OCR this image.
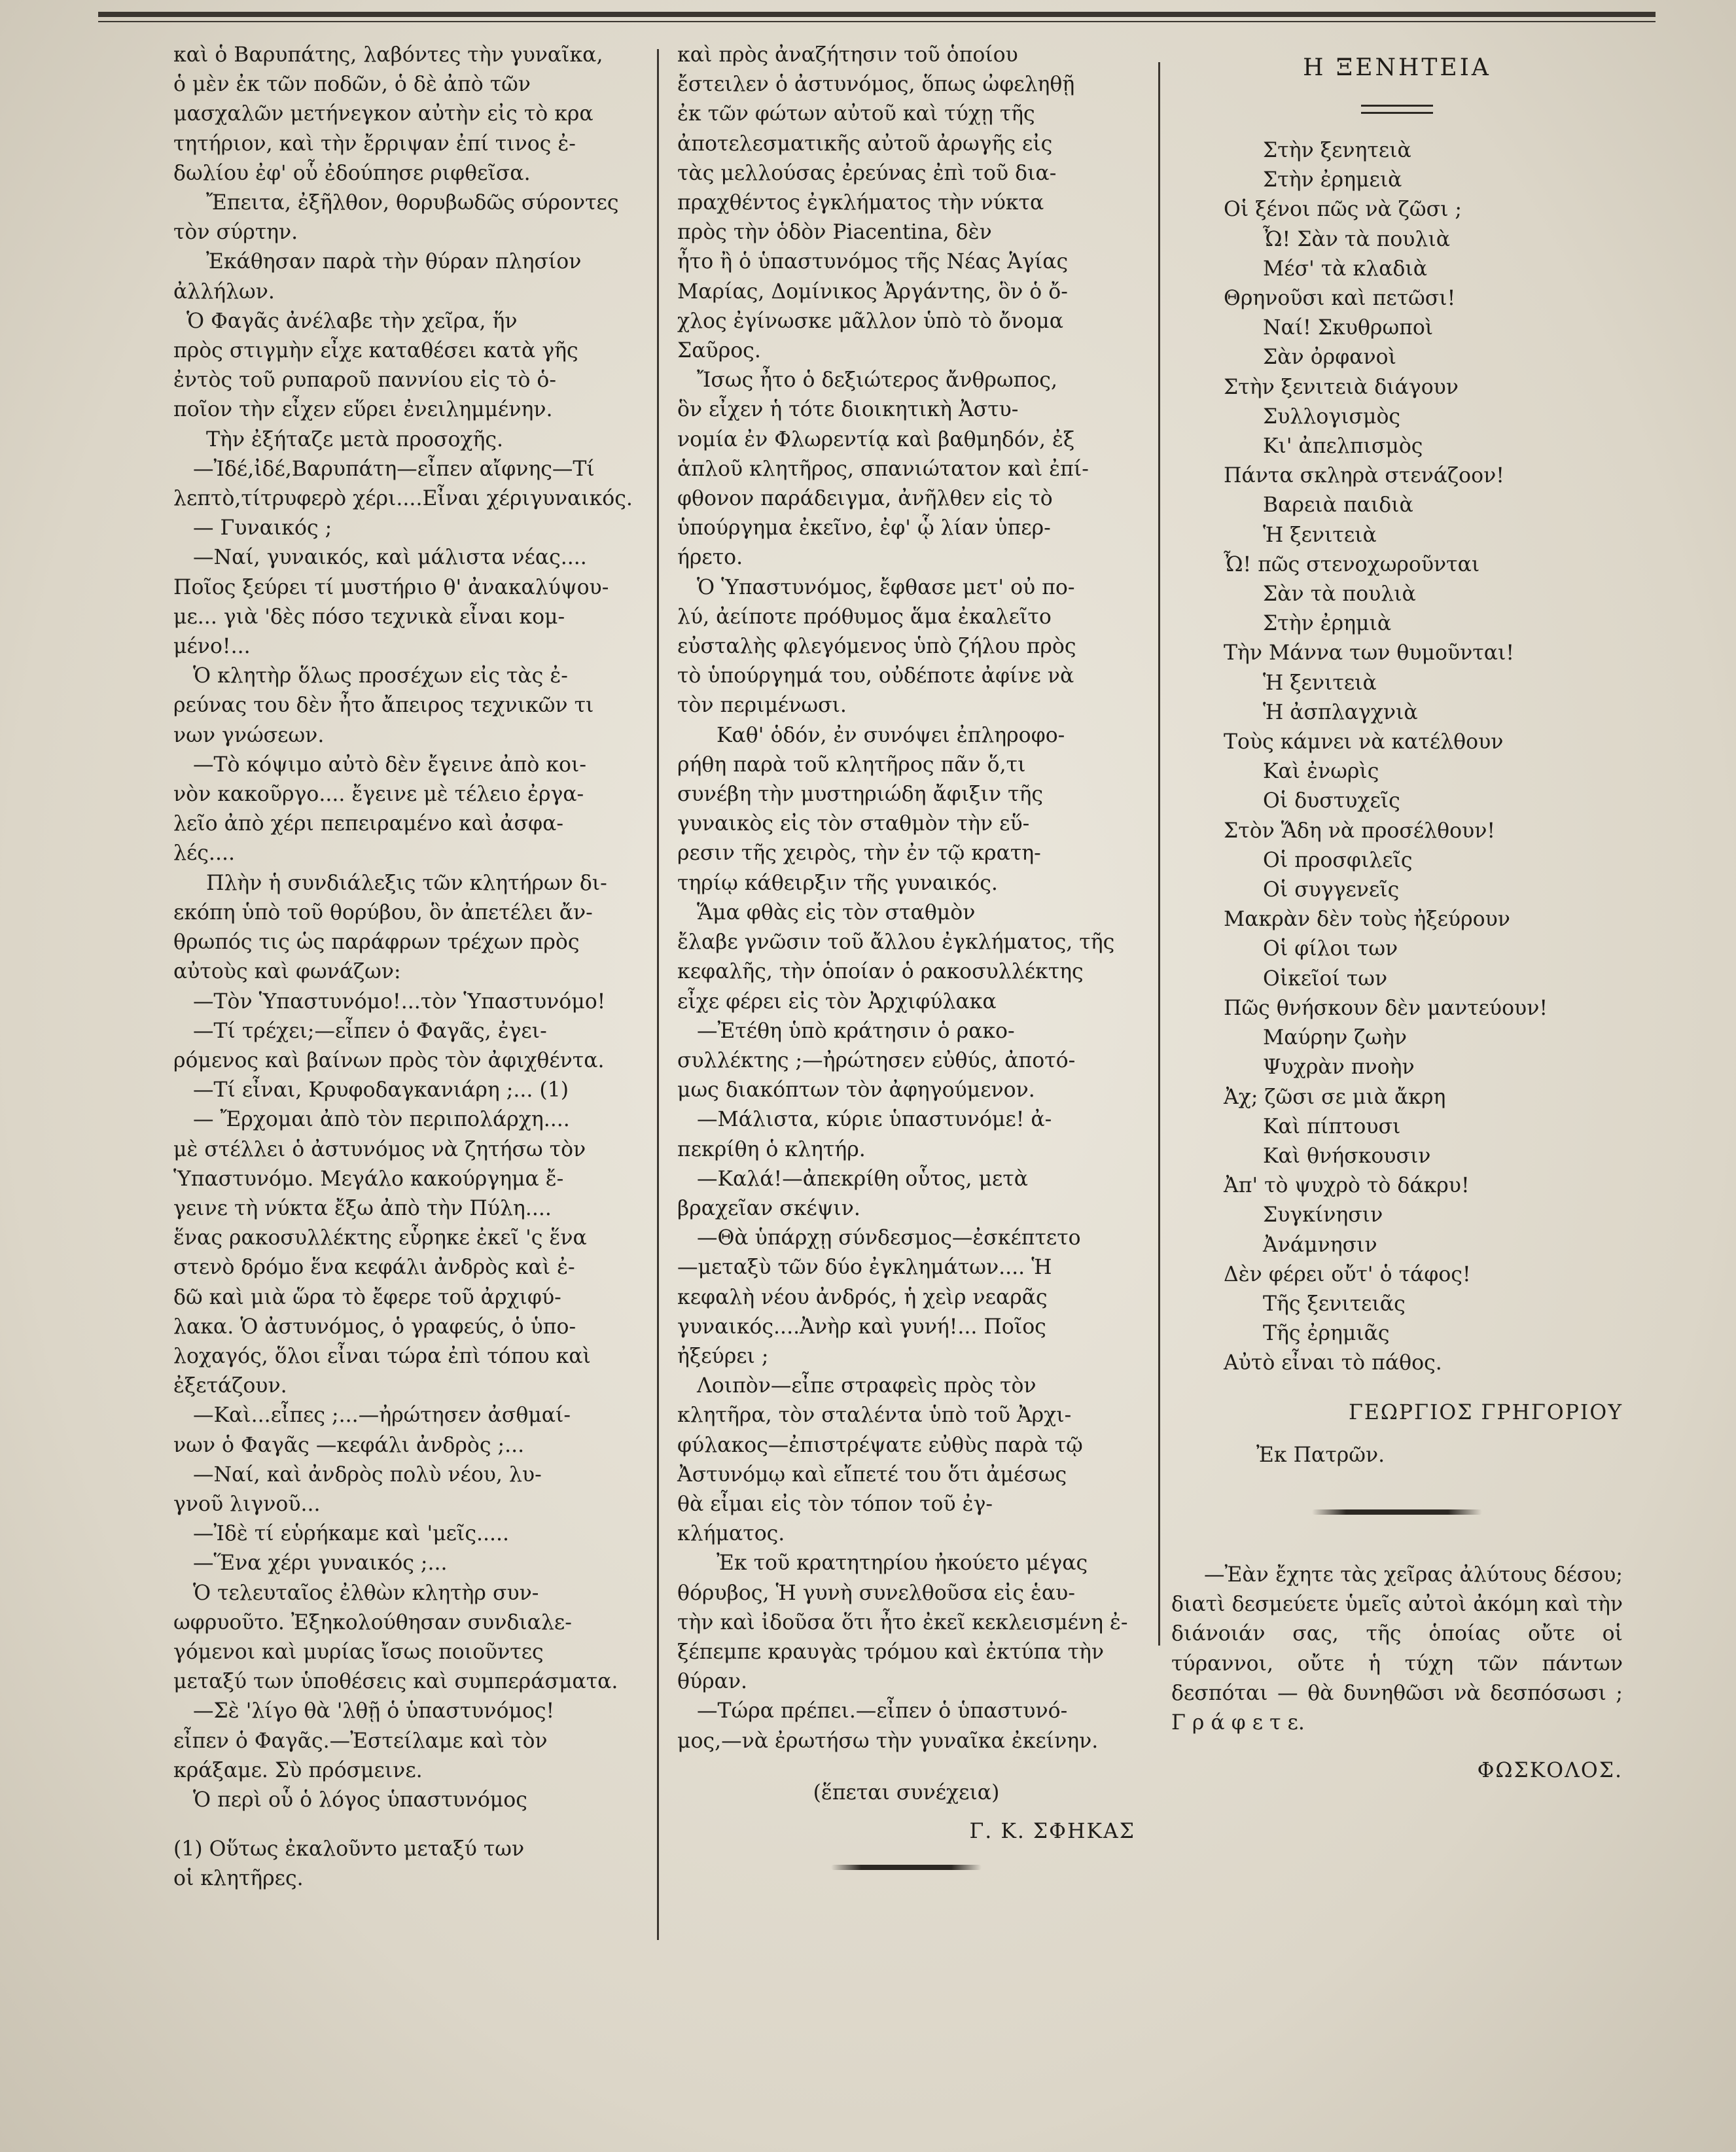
καὶ ὁ Βαρυπάτης, λαβόντες τὴν γυναῖκα,

ὁ μὲν ἐκ τῶν ποδῶν, ὁ δὲ ἀπὸ τῶν

μασχαλῶν μετήνεγκον αὐτὴν εἰς τὸ κρα

τητήριον, καὶ τὴν ἔρριψαν ἐπί τινος ἐ-

δωλίου ἐφ' οὗ ἐδούπησε ριφθεῖσα.

Ἔπειτα, ἐξῆλθον, θορυβωδῶς σύροντες

τὸν σύρτην.

Ἐκάθησαν παρὰ τὴν θύραν πλησίον

ἀλλήλων.

Ὁ Φαγᾶς ἀνέλαβε τὴν χεῖρα, ἥν

πρὸς στιγμὴν εἶχε καταθέσει κατὰ γῆς

ἐντὸς τοῦ ρυπαροῦ παννίου εἰς τὸ ὁ-

ποῖον τὴν εἶχεν εὕρει ἐνειλημμένην.

Τὴν ἐξήταζε μετὰ προσοχῆς.

—Ἰδέ,ἰδέ,Βαρυπάτη—εἶπεν αἴφνης—Τί

λεπτὸ,τίτρυφερὸ χέρι....Εἶναι χέριγυναικός.

— Γυναικός ;

—Ναί, γυναικός, καὶ μάλιστα νέας....

Ποῖος ξεύρει τί μυστήριο θ' ἀνακαλύψου-

με... γιὰ 'δὲς πόσο τεχνικὰ εἶναι κομ-

μένο!...

Ὁ κλητὴρ ὅλως προσέχων εἰς τὰς ἐ-

ρεύνας του δὲν ἦτο ἄπειρος τεχνικῶν τι

νων γνώσεων.

—Τὸ κόψιμο αὐτὸ δὲν ἔγεινε ἀπὸ κοι-

νὸν κακοῦργο.... ἔγεινε μὲ τέλειο ἐργα-

λεῖο ἀπὸ χέρι πεπειραμένο καὶ ἀσφα-

λές....

Πλὴν ἡ συνδιάλεξις τῶν κλητήρων δι-

εκόπη ὑπὸ τοῦ θορύβου, ὃν ἀπετέλει ἄν-

θρωπός τις ὡς παράφρων τρέχων πρὸς

αὐτοὺς καὶ φωνάζων:

—Τὸν Ὑπαστυνόμο!...τὸν Ὑπαστυνόμο!

—Τί τρέχει;—εἶπεν ὁ Φαγᾶς, ἐγει-

ρόμενος καὶ βαίνων πρὸς τὸν ἀφιχθέντα.

—Τί εἶναι, Κρυφοδαγκανιάρη ;... (1)

— Ἔρχομαι ἀπὸ τὸν περιπολάρχη....

μὲ στέλλει ὁ ἀστυνόμος νὰ ζητήσω τὸν

Ὑπαστυνόμο. Μεγάλο κακούργημα ἔ-

γεινε τὴ νύκτα ἔξω ἀπὸ τὴν Πύλη....

ἕνας ρακοσυλλέκτης εὗρηκε ἐκεῖ 'ς ἕνα

στενὸ δρόμο ἕνα κεφάλι ἀνδρὸς καὶ ἐ-

δῶ καὶ μιὰ ὥρα τὸ ἔφερε τοῦ ἀρχιφύ-

λακα. Ὁ ἀστυνόμος, ὁ γραφεύς, ὁ ὑπο-

λοχαγός, ὅλοι εἶναι τώρα ἐπὶ τόπου καὶ

ἐξετάζουν.

—Καὶ...εἶπες ;...—ἠρώτησεν ἀσθμαί-

νων ὁ Φαγᾶς —κεφάλι ἀνδρὸς ;...

—Ναί, καὶ ἀνδρὸς πολὺ νέου, λυ-

γνοῦ λιγνοῦ...

—Ἰδὲ τί εὑρήκαμε καὶ 'μεῖς.....

—Ἕνα χέρι γυναικός ;...

Ὁ τελευταῖος ἐλθὼν κλητὴρ συν-

ωφρυοῦτο. Ἐξηκολούθησαν συνδιαλε-

γόμενοι καὶ μυρίας ἴσως ποιοῦντες

μεταξύ των ὑποθέσεις καὶ συμπεράσματα.

—Σὲ 'λίγο θὰ 'λθῇ ὁ ὑπαστυνόμος!

εἶπεν ὁ Φαγᾶς.—Ἐστείλαμε καὶ τὸν

κράξαμε. Σὺ πρόσμεινε.

Ὁ περὶ οὗ ὁ λόγος ὑπαστυνόμος

(1) Οὕτως ἐκαλοῦντο μεταξύ των

οἱ κλητῆρες.

καὶ πρὸς ἀναζήτησιν τοῦ ὁποίου

ἔστειλεν ὁ ἀστυνόμος, ὅπως ὠφεληθῇ

ἐκ τῶν φώτων αὐτοῦ καὶ τύχῃ τῆς

ἀποτελεσματικῆς αὐτοῦ ἀρωγῆς εἰς

τὰς μελλούσας ἐρεύνας ἐπὶ τοῦ δια-

πραχθέντος ἐγκλήματος τὴν νύκτα

πρὸς τὴν ὁδὸν Piacentina, δὲν

ἦτο ἢ ὁ ὑπαστυνόμος τῆς Νέας Ἁγίας

Μαρίας, Δομίνικος Ἀργάντης, ὃν ὁ ὄ-

χλος ἐγίνωσκε μᾶλλον ὑπὸ τὸ ὄνομα

Σαῦρος.

Ἴσως ἦτο ὁ δεξιώτερος ἄνθρωπος,

ὃν εἶχεν ἡ τότε διοικητικὴ Ἀστυ-

νομία ἐν Φλωρεντίᾳ καὶ βαθμηδόν, ἐξ

ἁπλοῦ κλητῆρος, σπανιώτατον καὶ ἐπί-

φθονον παράδειγμα, ἀνῆλθεν εἰς τὸ

ὑπούργημα ἐκεῖνο, ἐφ' ᾧ λίαν ὑπερ-

ήρετο.

Ὁ Ὑπαστυνόμος, ἔφθασε μετ' οὐ πο-

λύ, ἀείποτε πρόθυμος ἅμα ἐκαλεῖτο

εὐσταλὴς φλεγόμενος ὑπὸ ζήλου πρὸς

τὸ ὑπούργημά του, οὐδέποτε ἀφίνε νὰ

τὸν περιμένωσι.

Καθ' ὁδόν, ἐν συνόψει ἐπληροφο-

ρήθη παρὰ τοῦ κλητῆρος πᾶν ὅ,τι

συνέβη τὴν μυστηριώδη ἄφιξιν τῆς

γυναικὸς εἰς τὸν σταθμὸν τὴν εὕ-

ρεσιν τῆς χειρὸς, τὴν ἐν τῷ κρατη-

τηρίῳ κάθειρξιν τῆς γυναικός.

Ἅμα φθὰς εἰς τὸν σταθμὸν

ἔλαβε γνῶσιν τοῦ ἄλλου ἐγκλήματος, τῆς

κεφαλῆς, τὴν ὁποίαν ὁ ρακοσυλλέκτης

εἶχε φέρει εἰς τὸν Ἀρχιφύλακα

—Ἐτέθη ὑπὸ κράτησιν ὁ ρακο-

συλλέκτης ;—ἠρώτησεν εὐθύς, ἀποτό-

μως διακόπτων τὸν ἀφηγούμενον.

—Μάλιστα, κύριε ὑπαστυνόμε! ἀ-

πεκρίθη ὁ κλητήρ.

—Καλά!—ἀπεκρίθη οὗτος, μετὰ

βραχεῖαν σκέψιν.

—Θὰ ὑπάρχῃ σύνδεσμος—ἐσκέπτετο

—μεταξὺ τῶν δύο ἐγκλημάτων.... Ἡ

κεφαλὴ νέου ἀνδρός, ἡ χεὶρ νεαρᾶς

γυναικός....Ἀνὴρ καὶ γυνή!... Ποῖος

ἠξεύρει ;

Λοιπὸν—εἶπε στραφεὶς πρὸς τὸν

κλητῆρα, τὸν σταλέντα ὑπὸ τοῦ Ἀρχι-

φύλακος—ἐπιστρέψατε εὐθὺς παρὰ τῷ

Ἀστυνόμῳ καὶ εἴπετέ του ὅτι ἀμέσως

θὰ εἶμαι εἰς τὸν τόπον τοῦ ἐγ-

κλήματος.

Ἐκ τοῦ κρατητηρίου ἠκούετο μέγας

θόρυβος, Ἡ γυνὴ συνελθοῦσα εἰς ἑαυ-

τὴν καὶ ἰδοῦσα ὅτι ἦτο ἐκεῖ κεκλεισμένη ἐ-

ξέπεμπε κραυγὰς τρόμου καὶ ἐκτύπα τὴν

θύραν.

—Τώρα πρέπει.—εἶπεν ὁ ὑπαστυνό-

μος,—νὰ ἐρωτήσω τὴν γυναῖκα ἐκείνην.

(ἕπεται συνέχεια)

Γ. Κ. ΣΦΗΚΑΣ

Η ΞΕΝΗΤΕΙΑ

Στὴν ξενητειὰ

Στὴν ἐρημειὰ

Οἱ ξένοι πῶς νὰ ζῶσι ;

Ὦ! Σὰν τὰ πουλιὰ

Μέσ' τὰ κλαδιὰ

Θρηνοῦσι καὶ πετῶσι!

Ναί! Σκυθρωποὶ

Σὰν ὀρφανοὶ

Στὴν ξενιτειὰ διάγουν

Συλλογισμὸς

Κι' ἀπελπισμὸς

Πάντα σκληρὰ στενάζοον!

Βαρειὰ παιδιὰ

Ἡ ξενιτειὰ

Ὦ! πῶς στενοχωροῦνται

Σὰν τὰ πουλιὰ

Στὴν ἐρημιὰ

Τὴν Μάννα των θυμοῦνται!

Ἡ ξενιτειὰ

Ἡ ἀσπλαγχνιὰ

Τοὺς κάμνει νὰ κατέλθουν

Καὶ ἐνωρὶς

Οἱ δυστυχεῖς

Στὸν Ἅδη νὰ προσέλθουν!

Οἱ προσφιλεῖς

Οἱ συγγενεῖς

Μακρὰν δὲν τοὺς ἠξεύρουν

Οἱ φίλοι των

Οἰκεῖοί των

Πῶς θνήσκουν δὲν μαντεύουν!

Μαύρην ζωὴν

Ψυχρὰν πνοὴν

Ἀχ; ζῶσι σε μιὰ ἄκρη

Καὶ πίπτουσι

Καὶ θνήσκουσιν

Ἀπ' τὸ ψυχρὸ τὸ δάκρυ!

Συγκίνησιν

Ἀνάμνησιν

Δὲν φέρει οὔτ' ὁ τάφος!

Τῆς ξενιτειᾶς

Τῆς ἐρημιᾶς

Αὐτὸ εἶναι τὸ πάθος.

ΓΕΩΡΓΙΟΣ ΓΡΗΓΟΡΙΟΥ

Ἐκ Πατρῶν.

—Ἐὰν ἔχητε τὰς χεῖρας ἀλύτους δέσου; διατὶ δεσμεύετε ὑμεῖς αὐτοὶ ἀκόμη καὶ τὴν διάνοιάν σας, τῆς ὁποίας οὔτε οἱ τύραννοι, οὔτε ἡ τύχη τῶν πάντων δεσπόται — θὰ δυνηθῶσι νὰ δεσπόσωσι ; Γ ρ ά φ ε τ ε.

ΦΩΣΚΟΛΟΣ.
